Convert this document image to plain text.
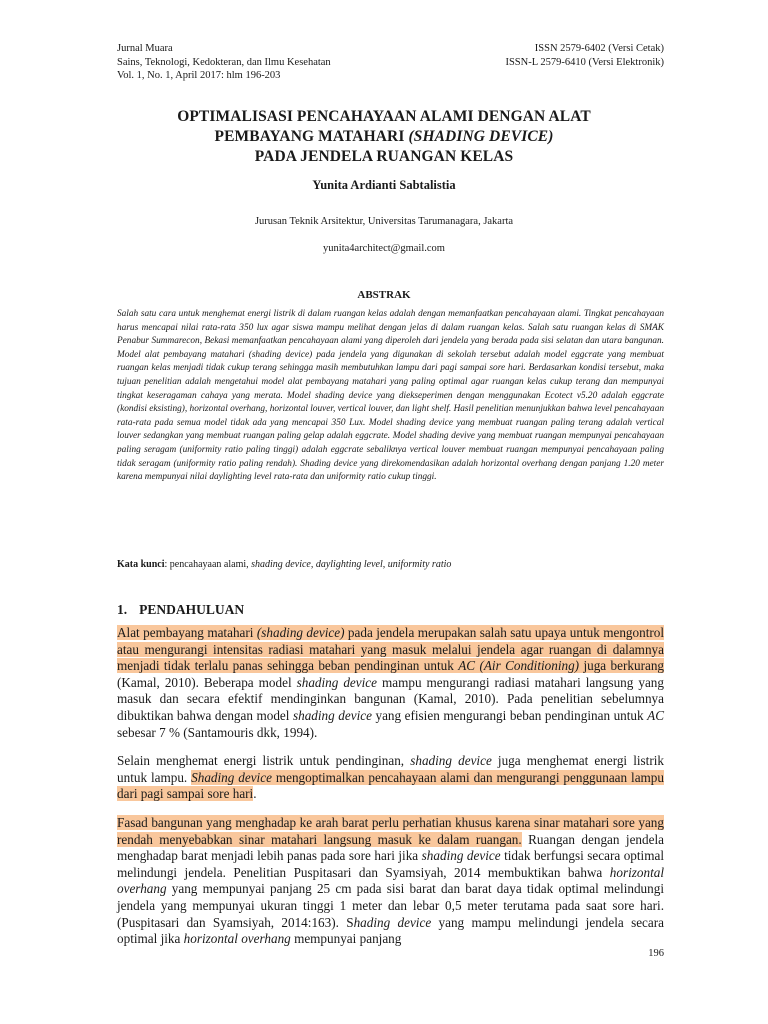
Jurnal Muara
Sains, Teknologi, Kedokteran, dan Ilmu Kesehatan
Vol. 1, No. 1, April 2017: hlm 196-203
ISSN 2579-6402 (Versi Cetak)
ISSN-L 2579-6410 (Versi Elektronik)
OPTIMALISASI PENCAHAYAAN ALAMI DENGAN ALAT
PEMBAYANG MATAHARI (SHADING DEVICE)
PADA JENDELA RUANGAN KELAS
Yunita Ardianti Sabtalistia
Jurusan Teknik Arsitektur, Universitas Tarumanagara, Jakarta
yunita4architect@gmail.com
ABSTRAK
Salah satu cara untuk menghemat energi listrik di dalam ruangan kelas adalah dengan memanfaatkan pencahayaan alami. Tingkat pencahayaan harus mencapai nilai rata-rata 350 lux agar siswa mampu melihat dengan jelas di dalam ruangan kelas. Salah satu ruangan kelas di SMAK Penabur Summarecon, Bekasi memanfaatkan pencahayaan alami yang diperoleh dari jendela yang berada pada sisi selatan dan utara bangunan. Model alat pembayang matahari (shading device) pada jendela yang digunakan di sekolah tersebut adalah model eggcrate yang membuat ruangan kelas menjadi tidak cukup terang sehingga masih membutuhkan lampu dari pagi sampai sore hari. Berdasarkan kondisi tersebut, maka tujuan penelitian adalah mengetahui model alat pembayang matahari yang paling optimal agar ruangan kelas cukup terang dan mempunyai tingkat keseragaman cahaya yang merata. Model shading device yang diekseperimen dengan menggunakan Ecotect v5.20 adalah eggcrate (kondisi eksisting), horizontal overhang, horizontal louver, vertical louver, dan light shelf. Hasil penelitian menunjukkan bahwa level pencahayaan rata-rata pada semua model tidak ada yang mencapai 350 Lux. Model shading device yang membuat ruangan paling terang adalah vertical louver sedangkan yang membuat ruangan paling gelap adalah eggcrate. Model shading devive yang membuat ruangan mempunyai pencahayaan paling seragam (uniformity ratio paling tinggi) adalah eggcrate sebaliknya vertical louver membuat ruangan mempunyai pencahayaan paling tidak seragam (uniformity ratio paling rendah). Shading device yang direkomendasikan adalah horizontal overhang dengan panjang 1.20 meter karena mempunyai nilai daylighting level rata-rata dan uniformity ratio cukup tinggi.
Kata kunci: pencahayaan alami, shading device, daylighting level, uniformity ratio
1. PENDAHULUAN

Alat pembayang matahari (shading device) pada jendela merupakan salah satu upaya untuk mengontrol atau mengurangi intensitas radiasi matahari yang masuk melalui jendela agar ruangan di dalamnya menjadi tidak terlalu panas sehingga beban pendinginan untuk AC (Air Conditioning) juga berkurang (Kamal, 2010). Beberapa model shading device mampu mengurangi radiasi matahari langsung yang masuk dan secara efektif mendinginkan bangunan (Kamal, 2010). Pada penelitian sebelumnya dibuktikan bahwa dengan model shading device yang efisien mengurangi beban pendinginan untuk AC sebesar 7 % (Santamouris dkk, 1994).

Selain menghemat energi listrik untuk pendinginan, shading device juga menghemat energi listrik untuk lampu. Shading device mengoptimalkan pencahayaan alami dan mengurangi penggunaan lampu dari pagi sampai sore hari.

Fasad bangunan yang menghadap ke arah barat perlu perhatian khusus karena sinar matahari sore yang rendah menyebabkan sinar matahari langsung masuk ke dalam ruangan. Ruangan dengan jendela menghadap barat menjadi lebih panas pada sore hari jika shading device tidak berfungsi secara optimal melindungi jendela. Penelitian Puspitasari dan Syamsiyah, 2014 membuktikan bahwa horizontal overhang yang mempunyai panjang 25 cm pada sisi barat dan barat daya tidak optimal melindungi jendela yang mempunyai ukuran tinggi 1 meter dan lebar 0,5 meter terutama pada saat sore hari. (Puspitasari dan Syamsiyah, 2014:163). Shading device yang mampu melindungi jendela secara optimal jika horizontal overhang mempunyai panjang

196
